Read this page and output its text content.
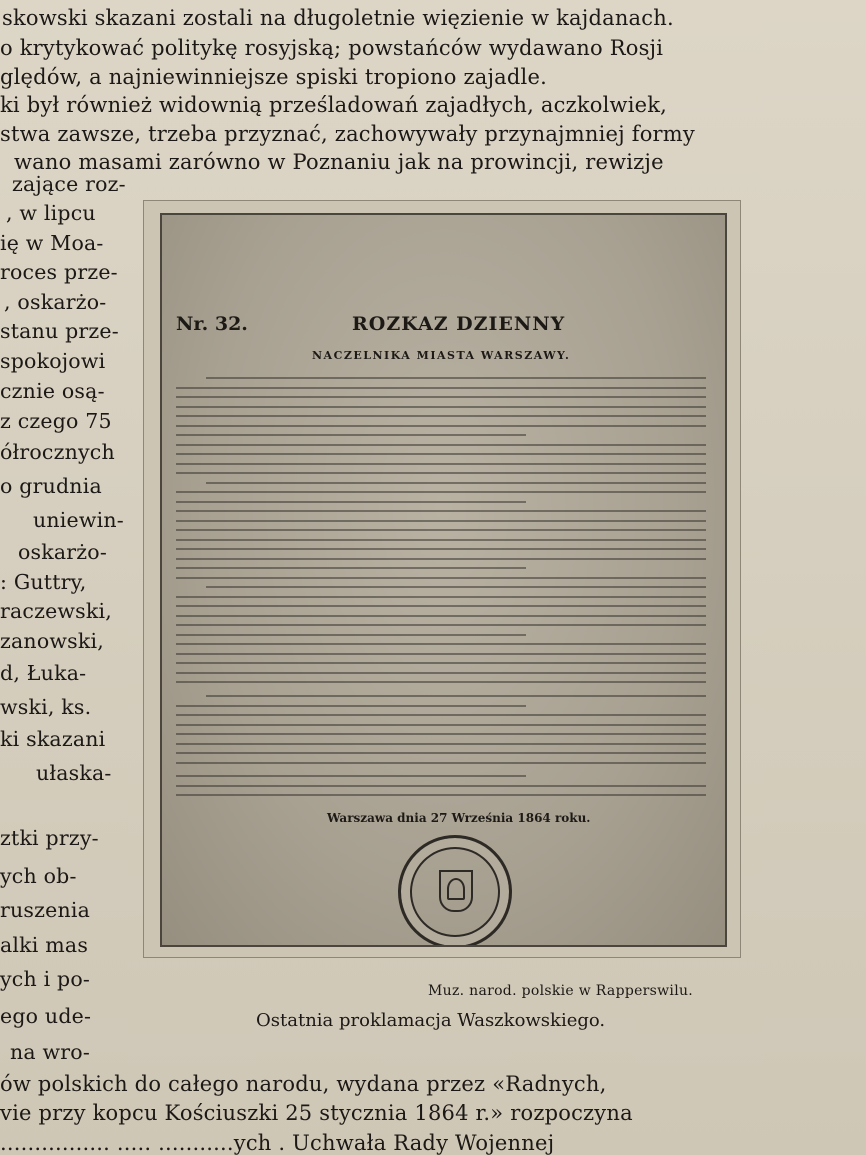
skowski skazani zostali na długoletnie więzienie w kajdanach.
o krytykować politykę rosyjską; powstańców wydawano Rosji
ględów, a najniewinniejsze spiski tropiono zajadle.
ki był również widownią prześladowań zajadłych, aczkolwiek,
stwa zawsze, trzeba przyznać, zachowywały przynajmniej formy
wano masami zarówno w Poznaniu jak na prowincji, rewizje
zające roz-
, w lipcu
ię w Moa-
roces prze-
, oskarżo-
stanu prze-
spokojowi
cznie osą-
z czego 75
ółrocznych
o grudnia
uniewin-
oskarżo-
: Guttry,
raczewski,
zanowski,
d, Łuka-
wski, ks.
ki skazani
ułaska-
ztki przy-
ych ob-
ruszenia
alki mas
ych i po-
ego ude-
na wro-
Nr. 32.	ROZKAZ DZIENNY
NACZELNIKA MIASTA WARSZAWY.
Warszawa dnia 27 Września 1864 roku.
Muz. narod. polskie w Rapperswilu.
Ostatnia proklamacja Waszkowskiego.
ów polskich do całego narodu, wydana przez «Radnych,
vie przy kopcu Kościuszki 25 stycznia 1864 r.» rozpoczyna
................ ..... ...........ych . Uchwała Rady Wojennej
